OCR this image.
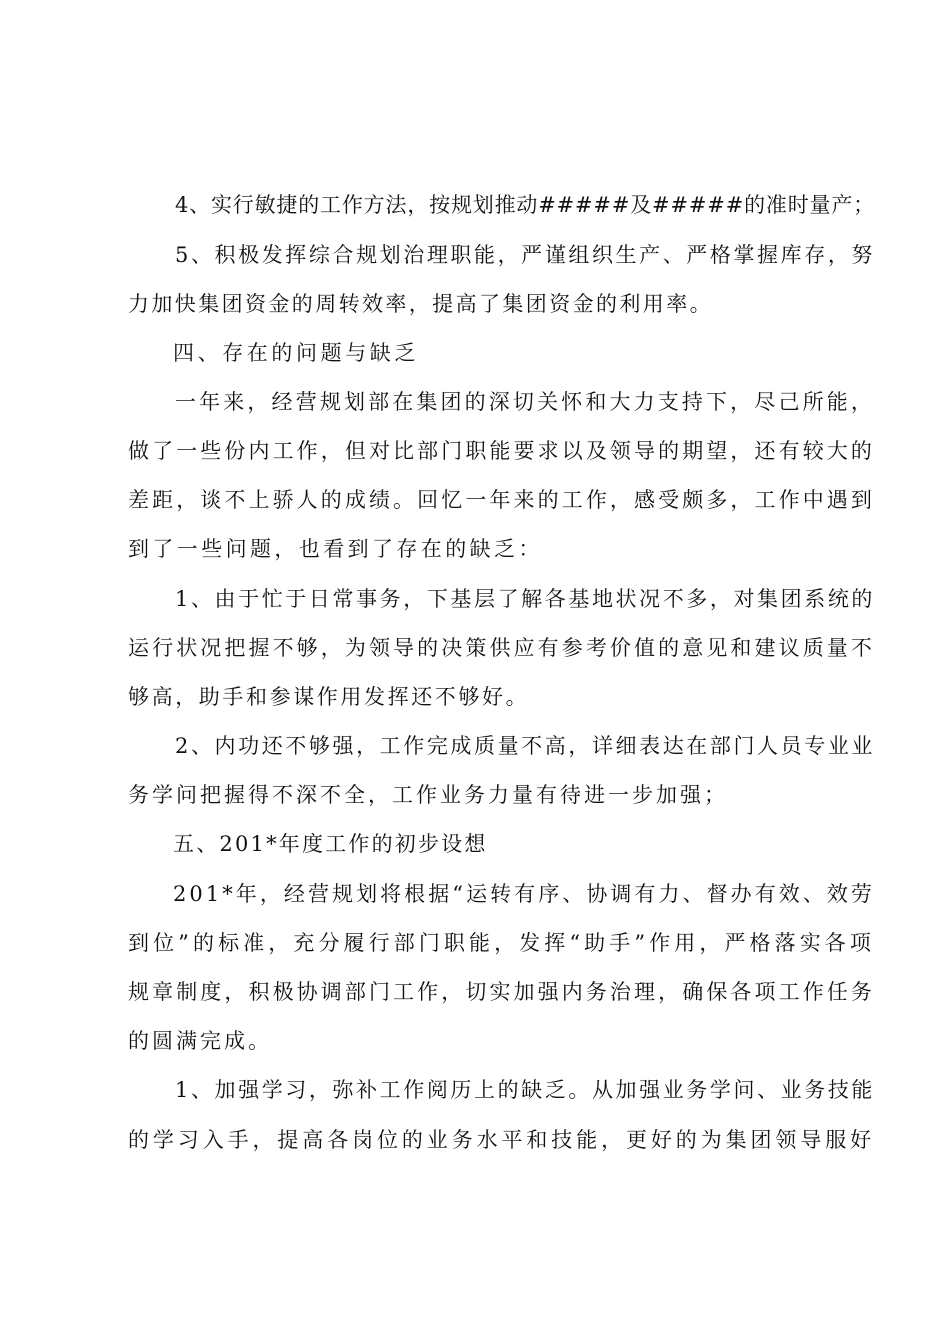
4、实行敏捷的工作方法，按规划推动#####及#####的准时量产；

5、积极发挥综合规划治理职能，严谨组织生产、严格掌握库存，努

力加快集团资金的周转效率，提高了集团资金的利用率。

四、存在的问题与缺乏

一年来，经营规划部在集团的深切关怀和大力支持下，尽己所能，

做了一些份内工作，但对比部门职能要求以及领导的期望，还有较大的

差距，谈不上骄人的成绩。回忆一年来的工作，感受颇多，工作中遇到

到了一些问题，也看到了存在的缺乏：

1、由于忙于日常事务，下基层了解各基地状况不多，对集团系统的

运行状况把握不够，为领导的决策供应有参考价值的意见和建议质量不

够高，助手和参谋作用发挥还不够好。

2、内功还不够强，工作完成质量不高，详细表达在部门人员专业业

务学问把握得不深不全，工作业务力量有待进一步加强；

五、201*年度工作的初步设想

201*年，经营规划将根据“运转有序、协调有力、督办有效、效劳

到位”的标准，充分履行部门职能，发挥“助手”作用，严格落实各项

规章制度，积极协调部门工作，切实加强内务治理，确保各项工作任务

的圆满完成。

1、加强学习，弥补工作阅历上的缺乏。从加强业务学问、业务技能

的学习入手，提高各岗位的业务水平和技能，更好的为集团领导服好
